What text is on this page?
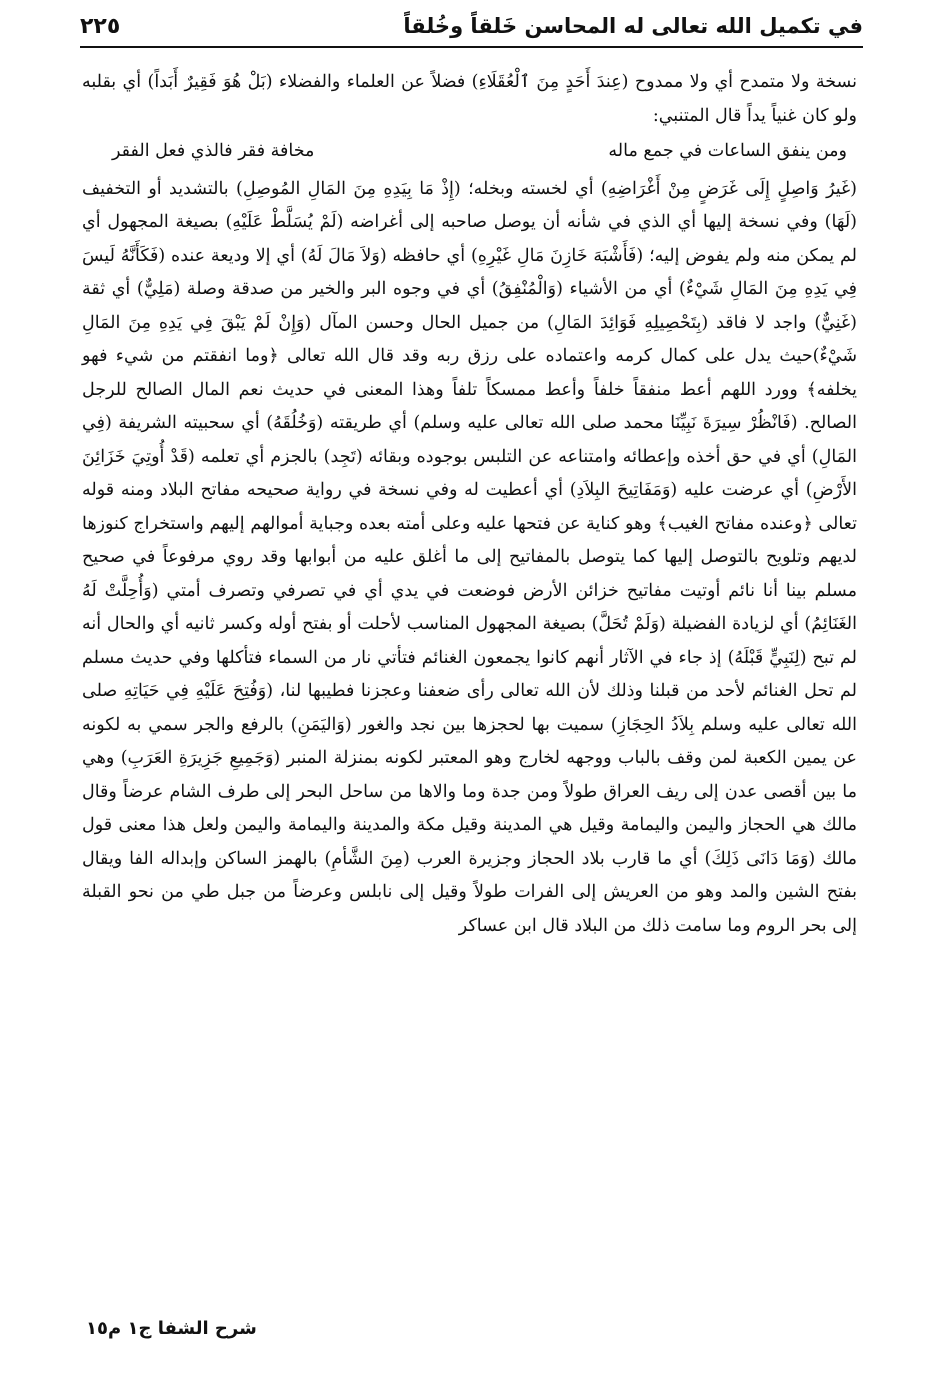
في تكميل الله تعالى له المحاسن خَلقاً وخُلقاً
٢٢٥

نسخة ولا متمدح أي ولا ممدوح (عِندَ أَحَدٍ مِنَ ٱلْعُقَلَاءِ) فضلاً عن العلماء والفضلاء (بَلْ هُوَ فَقِيرٌ أَبَداً) أي بقلبه ولو كان غنياً يداً قال المتنبي:

ومن ينفق الساعات في جمع ماله
مخافة فقر فالذي فعل الفقر

(غَيرُ وَاصِلٍ إِلَى غَرَضٍ مِنْ أَغْرَاضِهِ) أي لخسته وبخله؛ (إِذْ مَا بِيَدِهِ مِنَ المَالِ المُوصِلِ) بالتشديد أو التخفيف (لَهَا) وفي نسخة إليها أي الذي في شأنه أن يوصل صاحبه إلى أغراضه (لَمْ يُسَلَّطْ عَلَيْهِ) بصيغة المجهول أي لم يمكن منه ولم يفوض إليه؛ (فَأَشْبَهَ خَازِنَ مَالِ غَيْرِهِ) أي حافظه (وَلاَ مَالَ لَهُ) أي إلا وديعة عنده (فَكَأَنَّهُ لَيسَ فِي يَدِهِ مِنَ المَالِ شَيْءٌ) أي من الأشياء (وَالْمُنْفِقُ) أي في وجوه البر والخير من صدقة وصلة (مَلِيٌّ) أي ثقة (غَنِيٌّ) واجد لا فاقد (بِتَحْصِيلِهِ فَوَائِدَ المَالِ) من جميل الحال وحسن المآل (وَإِنْ لَمْ يَبْقَ فِي يَدِهِ مِنَ المَالِ شَيْءٌ)حيث يدل على كمال كرمه واعتماده على رزق ربه وقد قال الله تعالى ﴿وما انفقتم من شيء فهو يخلفه﴾ وورد اللهم أعط منفقاً خلفاً وأعط ممسكاً تلفاً وهذا المعنى في حديث نعم المال الصالح للرجل الصالح. (فَانْظُرْ سِيرَةَ نَبِيِّنَا محمد صلى الله تعالى عليه وسلم) أي طريقته (وَخُلُقَهُ) أي سحبيته الشريفة (فِي المَالِ) أي في حق أخذه وإعطائه وامتناعه عن التلبس بوجوده وبقائه (تَجِد) بالجزم أي تعلمه (قَدْ أُوتِيَ خَزَائِنَ الأَرْضِ) أي عرضت عليه (وَمَفَاتِيحَ البِلاَدِ) أي أعطيت له وفي نسخة في رواية صحيحه مفاتح البلاد ومنه قوله تعالى ﴿وعنده مفاتح الغيب﴾ وهو كناية عن فتحها عليه وعلى أمته بعده وجباية أموالهم إليهم واستخراج كنوزها لديهم وتلويح بالتوصل إليها كما يتوصل بالمفاتيح إلى ما أغلق عليه من أبوابها وقد روي مرفوعاً في صحيح مسلم بينا أنا نائم أوتيت مفاتيح خزائن الأرض فوضعت في يدي أي في تصرفي وتصرف أمتي (وَأُحِلَّتْ لَهُ الغَنَائِمُ) أي لزيادة الفضيلة (وَلَمْ تُحَلَّ) بصيغة المجهول المناسب لأحلت أو بفتح أوله وكسر ثانيه أي والحال أنه لم تبح (لِنَبِيٍّ قَبْلَهُ) إذ جاء في الآثار أنهم كانوا يجمعون الغنائم فتأتي نار من السماء فتأكلها وفي حديث مسلم لم تحل الغنائم لأحد من قبلنا وذلك لأن الله تعالى رأى ضعفنا وعجزنا فطيبها لنا، (وَفُتِحَ عَلَيْهِ فِي حَيَاتِهِ صلى الله تعالى عليه وسلم بِلاَدُ الحِجَازِ) سميت بها لحجزها بين نجد والغور (وَاليَمَنِ) بالرفع والجر سمي به لكونه عن يمين الكعبة لمن وقف بالباب ووجهه لخارج وهو المعتبر لكونه بمنزلة المنبر (وَجَمِيعِ جَزِيرَةِ العَرَبِ) وهي ما بين أقصى عدن إلى ريف العراق طولاً ومن جدة وما والاها من ساحل البحر إلى طرف الشام عرضاً وقال مالك هي الحجاز واليمن واليمامة وقيل هي المدينة وقيل مكة والمدينة واليمامة واليمن ولعل هذا معنى قول مالك (وَمَا دَانَى ذَلِكَ) أي ما قارب بلاد الحجاز وجزيرة العرب (مِنَ الشَّأمِ) بالهمز الساكن وإبداله الفا ويقال بفتح الشين والمد وهو من العريش إلى الفرات طولاً وقيل إلى نابلس وعرضاً من جبل طي من نحو القبلة إلى بحر الروم وما سامت ذلك من البلاد قال ابن عساكر

شرح الشفا ج١ م١٥
